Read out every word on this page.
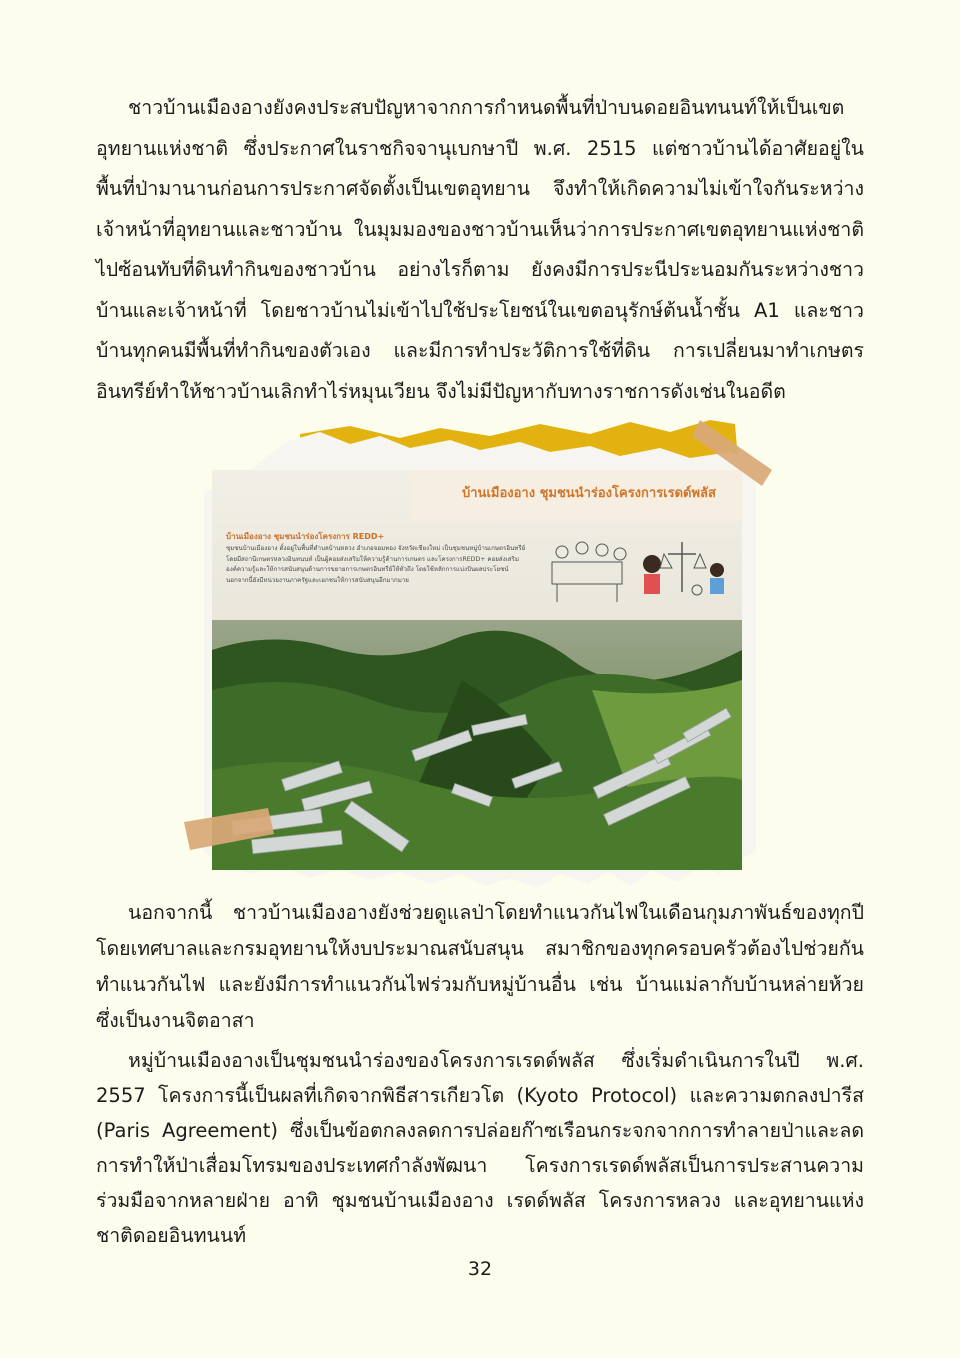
ชาวบ้านเมืองอางยังคงประสบปัญหาจากการกำหนดพื้นที่ป่าบนดอยอินทนนท์ให้เป็นเขตอุทยานแห่งชาติ ซึ่งประกาศในราชกิจจานุเบกษาปี พ.ศ. 2515 แต่ชาวบ้านได้อาศัยอยู่ในพื้นที่ป่ามานานก่อนการประกาศจัดตั้งเป็นเขตอุทยาน จึงทำให้เกิดความไม่เข้าใจกันระหว่างเจ้าหน้าที่อุทยานและชาวบ้าน ในมุมมองของชาวบ้านเห็นว่าการประกาศเขตอุทยานแห่งชาติไปซ้อนทับที่ดินทำกินของชาวบ้าน อย่างไรก็ตาม ยังคงมีการประนีประนอมกันระหว่างชาวบ้านและเจ้าหน้าที่ โดยชาวบ้านไม่เข้าไปใช้ประโยชน์ในเขตอนุรักษ์ต้นน้ำชั้น A1 และชาวบ้านทุกคนมีพื้นที่ทำกินของตัวเอง และมีการทำประวัติการใช้ที่ดิน การเปลี่ยนมาทำเกษตรอินทรีย์ทำให้ชาวบ้านเลิกทำไร่หมุนเวียน จึงไม่มีปัญหากับทางราชการดังเช่นในอดีต

บ้านเมืองอาง ชุมชนนำร่องโครงการเรดด์พลัส
บ้านเมืองอาง ชุมชนนำร่องโครงการ REDD+
ชุมชนบ้านเมืองอาง ตั้งอยู่ในพื้นที่ตำบลบ้านหลวง อำเภอจอมทอง จังหวัดเชียงใหม่ เป็นชุมชนหมู่บ้านเกษตรอินทรีย์ โดยมีสถานีเกษตรหลวงอินทนนท์ เป็นผู้คอยส่งเสริมให้ความรู้ด้านการเกษตร และโครงการREDD+ คอยส่งเสริมองค์ความรู้และให้การสนับสนุนด้านการขยายการเกษตรอินทรีย์ให้ทั่วถึง โดยใช้หลักการแบ่งปันผลประโยชน์ นอกจากนี้ยังมีหน่วยงานภาครัฐและเอกชนให้การสนับสนุนอีกมากมาย

นอกจากนี้ ชาวบ้านเมืองอางยังช่วยดูแลป่าโดยทำแนวกันไฟในเดือนกุมภาพันธ์ของทุกปี โดยเทศบาลและกรมอุทยานให้งบประมาณสนับสนุน สมาชิกของทุกครอบครัวต้องไปช่วยกันทำแนวกันไฟ และยังมีการทำแนวกันไฟร่วมกับหมู่บ้านอื่น เช่น บ้านแม่ลากับบ้านหล่ายห้วย ซึ่งเป็นงานจิตอาสา

หมู่บ้านเมืองอางเป็นชุมชนนำร่องของโครงการเรดด์พลัส ซึ่งเริ่มดำเนินการในปี พ.ศ. 2557 โครงการนี้เป็นผลที่เกิดจากพิธีสารเกียวโต (Kyoto Protocol) และความตกลงปารีส (Paris Agreement) ซึ่งเป็นข้อตกลงลดการปล่อยก๊าซเรือนกระจกจากการทำลายป่าและลดการทำให้ป่าเสื่อมโทรมของประเทศกำลังพัฒนา โครงการเรดด์พลัสเป็นการประสานความร่วมมือจากหลายฝ่าย อาทิ ชุมชนบ้านเมืองอาง เรดด์พลัส โครงการหลวง และอุทยานแห่งชาติดอยอินทนนท์

32
